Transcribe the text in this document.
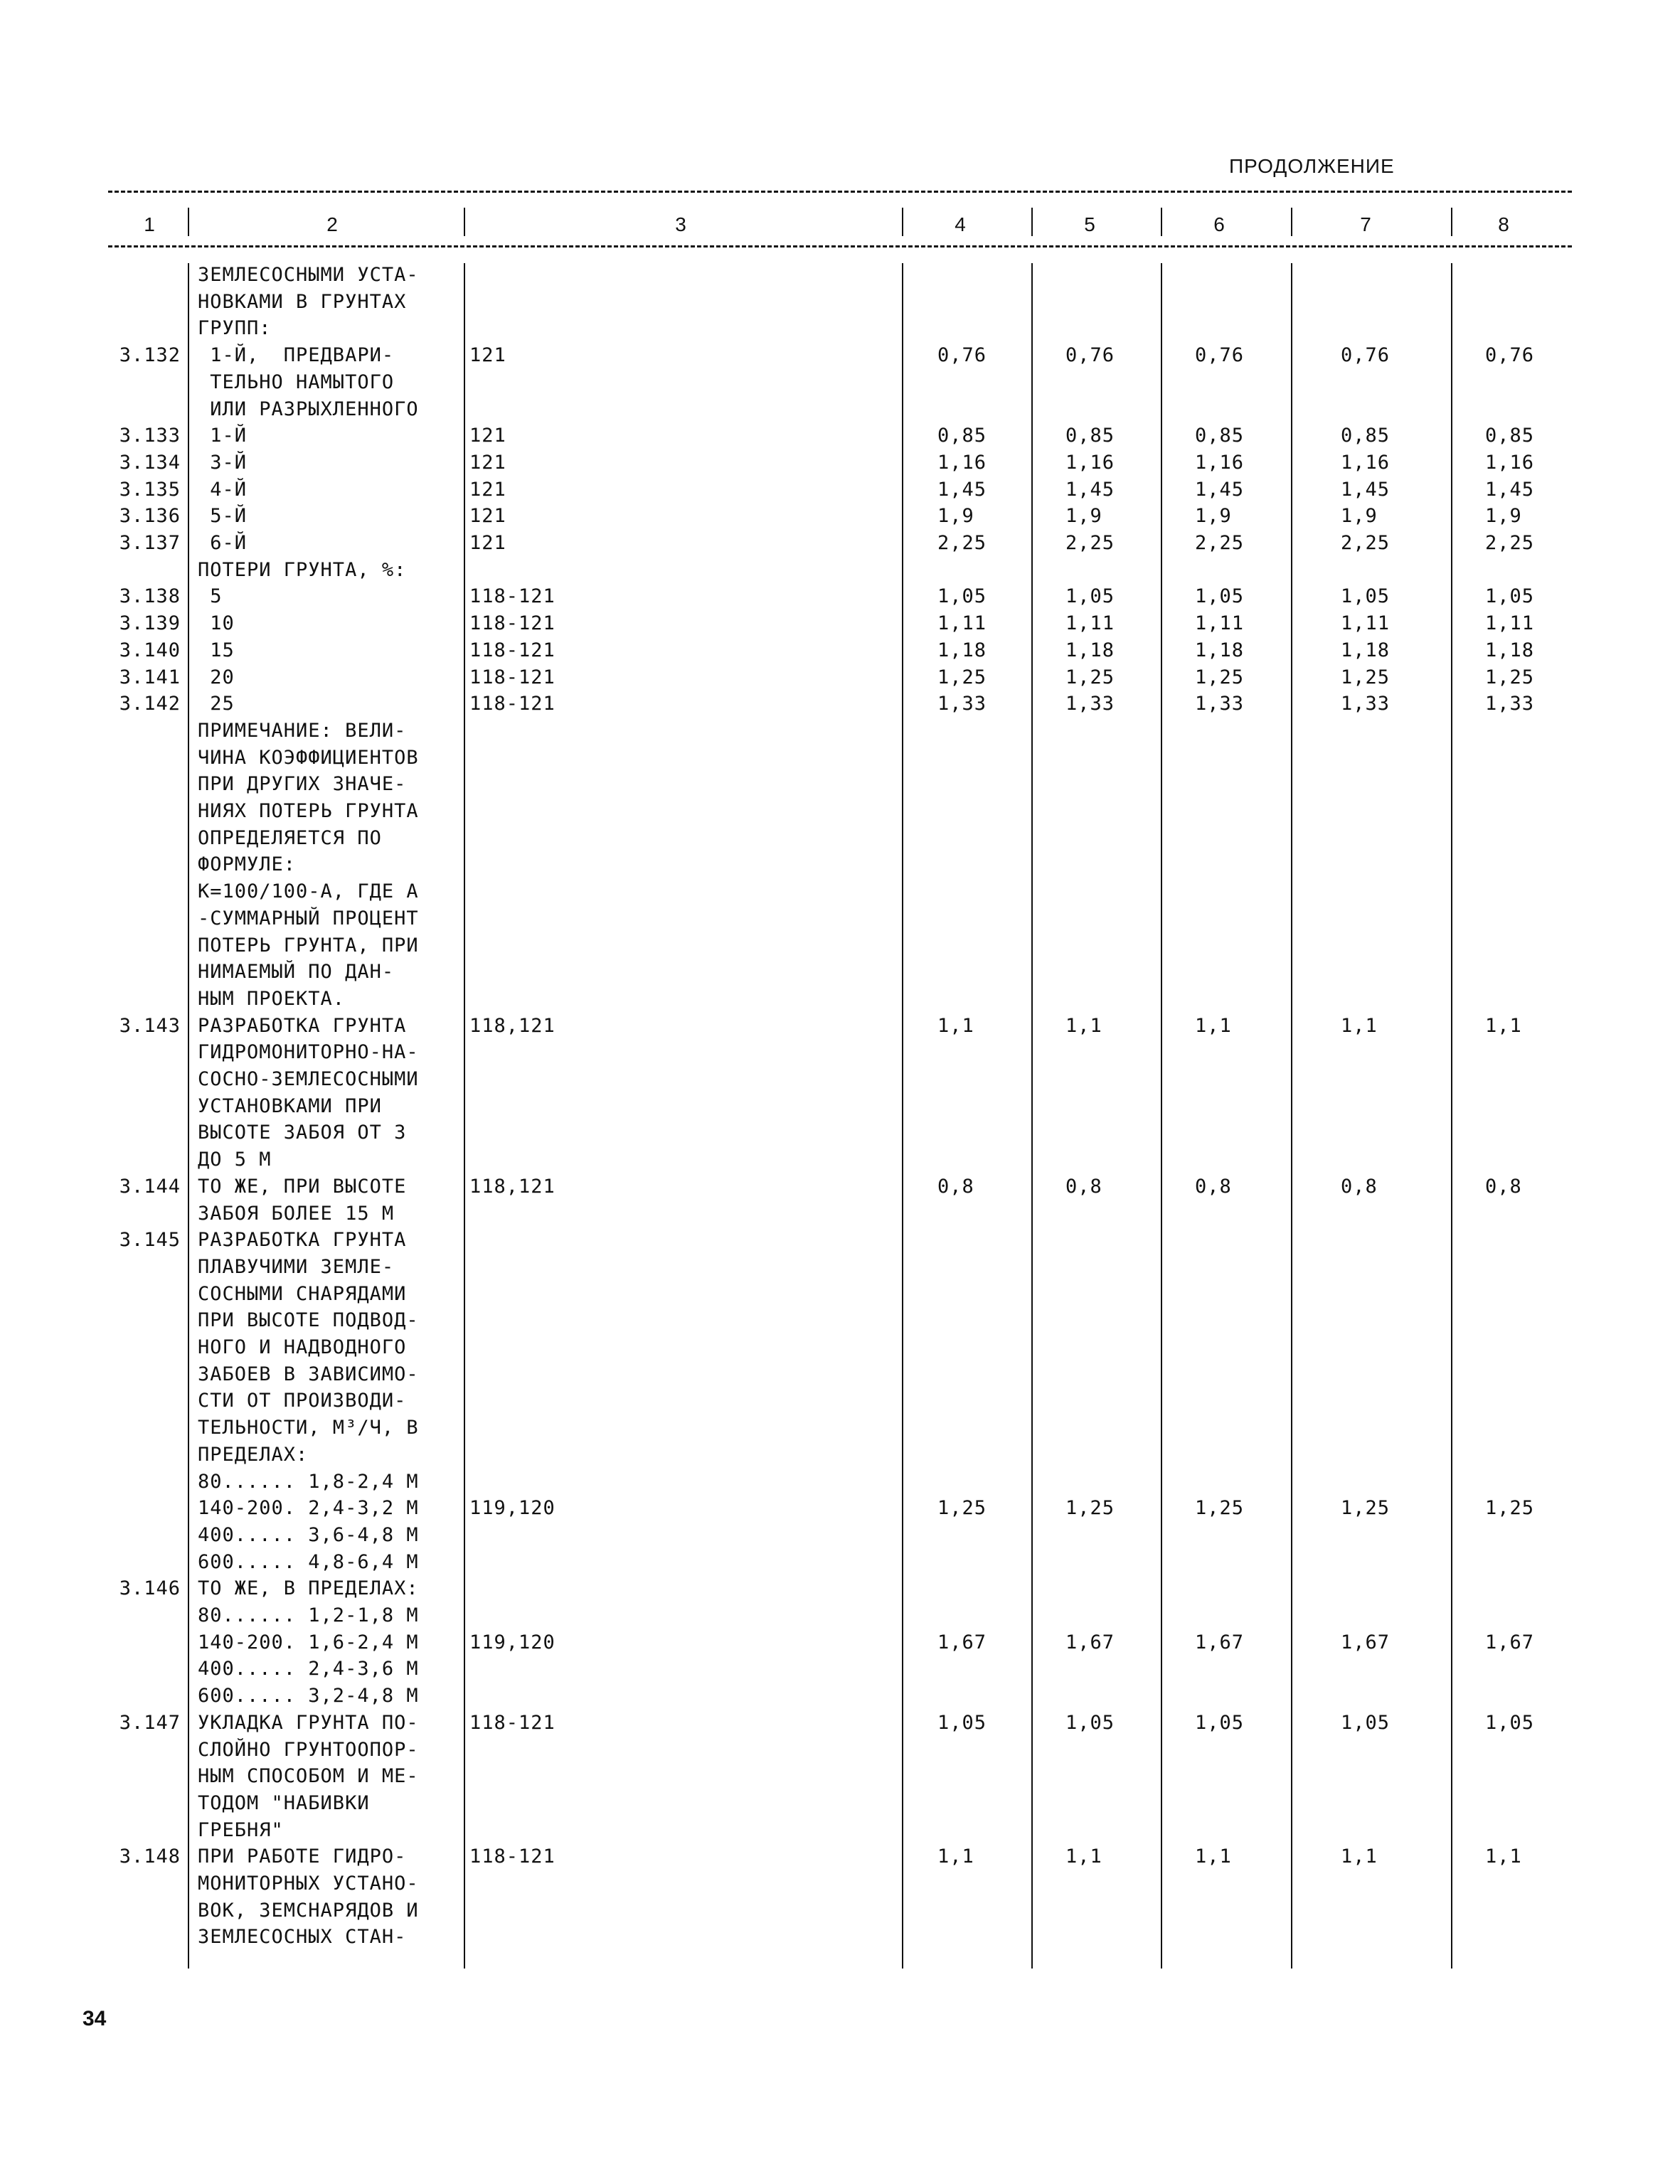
ПРОДОЛЖЕНИЕ
1	2	3	4	5	6	7	8
ЗЕМЛЕСОСНЫМИ УСТА-
НОВКАМИ В ГРУНТАХ
ГРУПП:
3.132 1-Й,  ПРЕДВАРИ-
ТЕЛЬНО НАМЫТОГО
ИЛИ РАЗРЫХЛЕННОГО
121	0,76	0,76	0,76	0,76	0,76
3.133 1-Й	121	0,85	0,85	0,85	0,85	0,85
3.134 3-Й	121	1,16	1,16	1,16	1,16	1,16
3.135 4-Й	121	1,45	1,45	1,45	1,45	1,45
3.136 5-Й	121	1,9	1,9	1,9	1,9	1,9
3.137 6-Й	121	2,25	2,25	2,25	2,25	2,25
ПОТЕРИ ГРУНТА, %:
3.138 5	118-121	1,05	1,05	1,05	1,05	1,05
3.139 10	118-121	1,11	1,11	1,11	1,11	1,11
3.140 15	118-121	1,18	1,18	1,18	1,18	1,18
3.141 20	118-121	1,25	1,25	1,25	1,25	1,25
3.142 25	118-121	1,33	1,33	1,33	1,33	1,33
ПРИМЕЧАНИЕ: ВЕЛИ-
ЧИНА КОЭФФИЦИЕНТОВ
ПРИ ДРУГИХ ЗНАЧЕ-
НИЯХ ПОТЕРЬ ГРУНТА
ОПРЕДЕЛЯЕТСЯ ПО
ФОРМУЛЕ:
К=100/100-А, ГДЕ А
-СУММАРНЫЙ ПРОЦЕНТ
ПОТЕРЬ ГРУНТА, ПРИ
НИМАЕМЫЙ ПО ДАН-
НЫМ ПРОЕКТА.
3.143 РАЗРАБОТКА ГРУНТА
ГИДРОМОНИТОРНО-НА-
СОСНО-ЗЕМЛЕСОСНЫМИ
УСТАНОВКАМИ ПРИ
ВЫСОТЕ ЗАБОЯ ОТ 3
ДО 5 М
118,121	1,1	1,1	1,1	1,1	1,1
3.144 ТО ЖЕ, ПРИ ВЫСОТЕ
ЗАБОЯ БОЛЕЕ 15 М
118,121	0,8	0,8	0,8	0,8	0,8
3.145 РАЗРАБОТКА ГРУНТА
ПЛАВУЧИМИ ЗЕМЛЕ-
СОСНЫМИ СНАРЯДАМИ
ПРИ ВЫСОТЕ ПОДВОД-
НОГО И НАДВОДНОГО
ЗАБОЕВ В ЗАВИСИМО-
СТИ ОТ ПРОИЗВОДИ-
ТЕЛЬНОСТИ, М³/Ч, В
ПРЕДЕЛАХ:
80...... 1,8-2,4 М
140-200. 2,4-3,2 М
400..... 3,6-4,8 М
600..... 4,8-6,4 М
119,120	1,25	1,25	1,25	1,25	1,25
3.146 ТО ЖЕ, В ПРЕДЕЛАХ:
80...... 1,2-1,8 М
140-200. 1,6-2,4 М
400..... 2,4-3,6 М
600..... 3,2-4,8 М
119,120	1,67	1,67	1,67	1,67	1,67
3.147 УКЛАДКА ГРУНТА ПО-
СЛОЙНО ГРУНТООПОР-
НЫМ СПОСОБОМ И МЕ-
ТОДОМ "НАБИВКИ
ГРЕБНЯ"
118-121	1,05	1,05	1,05	1,05	1,05
3.148 ПРИ РАБОТЕ ГИДРО-
МОНИТОРНЫХ УСТАНО-
ВОК, ЗЕМСНАРЯДОВ И
ЗЕМЛЕСОСНЫХ СТАН-
118-121	1,1	1,1	1,1	1,1	1,1
34
